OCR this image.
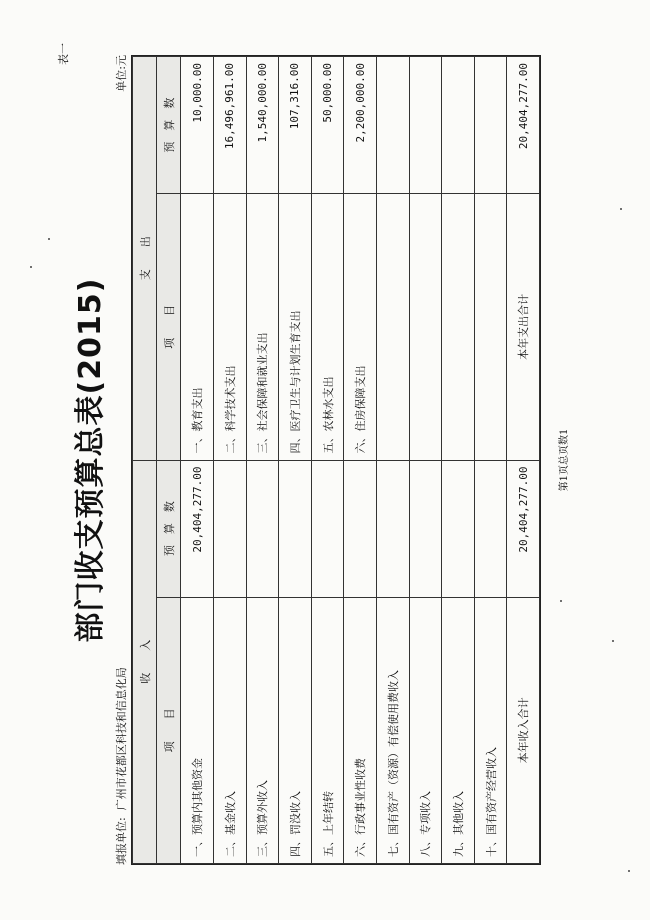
表一
部门收支预算总表(2015)
填报单位:  广州市花都区科技和信息化局
单位:元
收　　入		支　　出	
项　　目	预　算　数	项　　目	预　算　数
一、预算内其他资金	20,404,277.00	一、教育支出	10,000.00
二、基金收入		二、科学技术支出	16,496,961.00
三、预算外收入		三、社会保障和就业支出	1,540,000.00
四、罚没收入		四、医疗卫生与计划生育支出	107,316.00
五、上年结转		五、农林水支出	50,000.00
六、行政事业性收费		六、住房保障支出	2,200,000.00
七、国有资产（资源）有偿使用费收入			
八、专项收入			
九、其他收入			
十、国有资产经营收入			
本年收入合计	20,404,277.00	本年支出合计	20,404,277.00
第1页总页数1
